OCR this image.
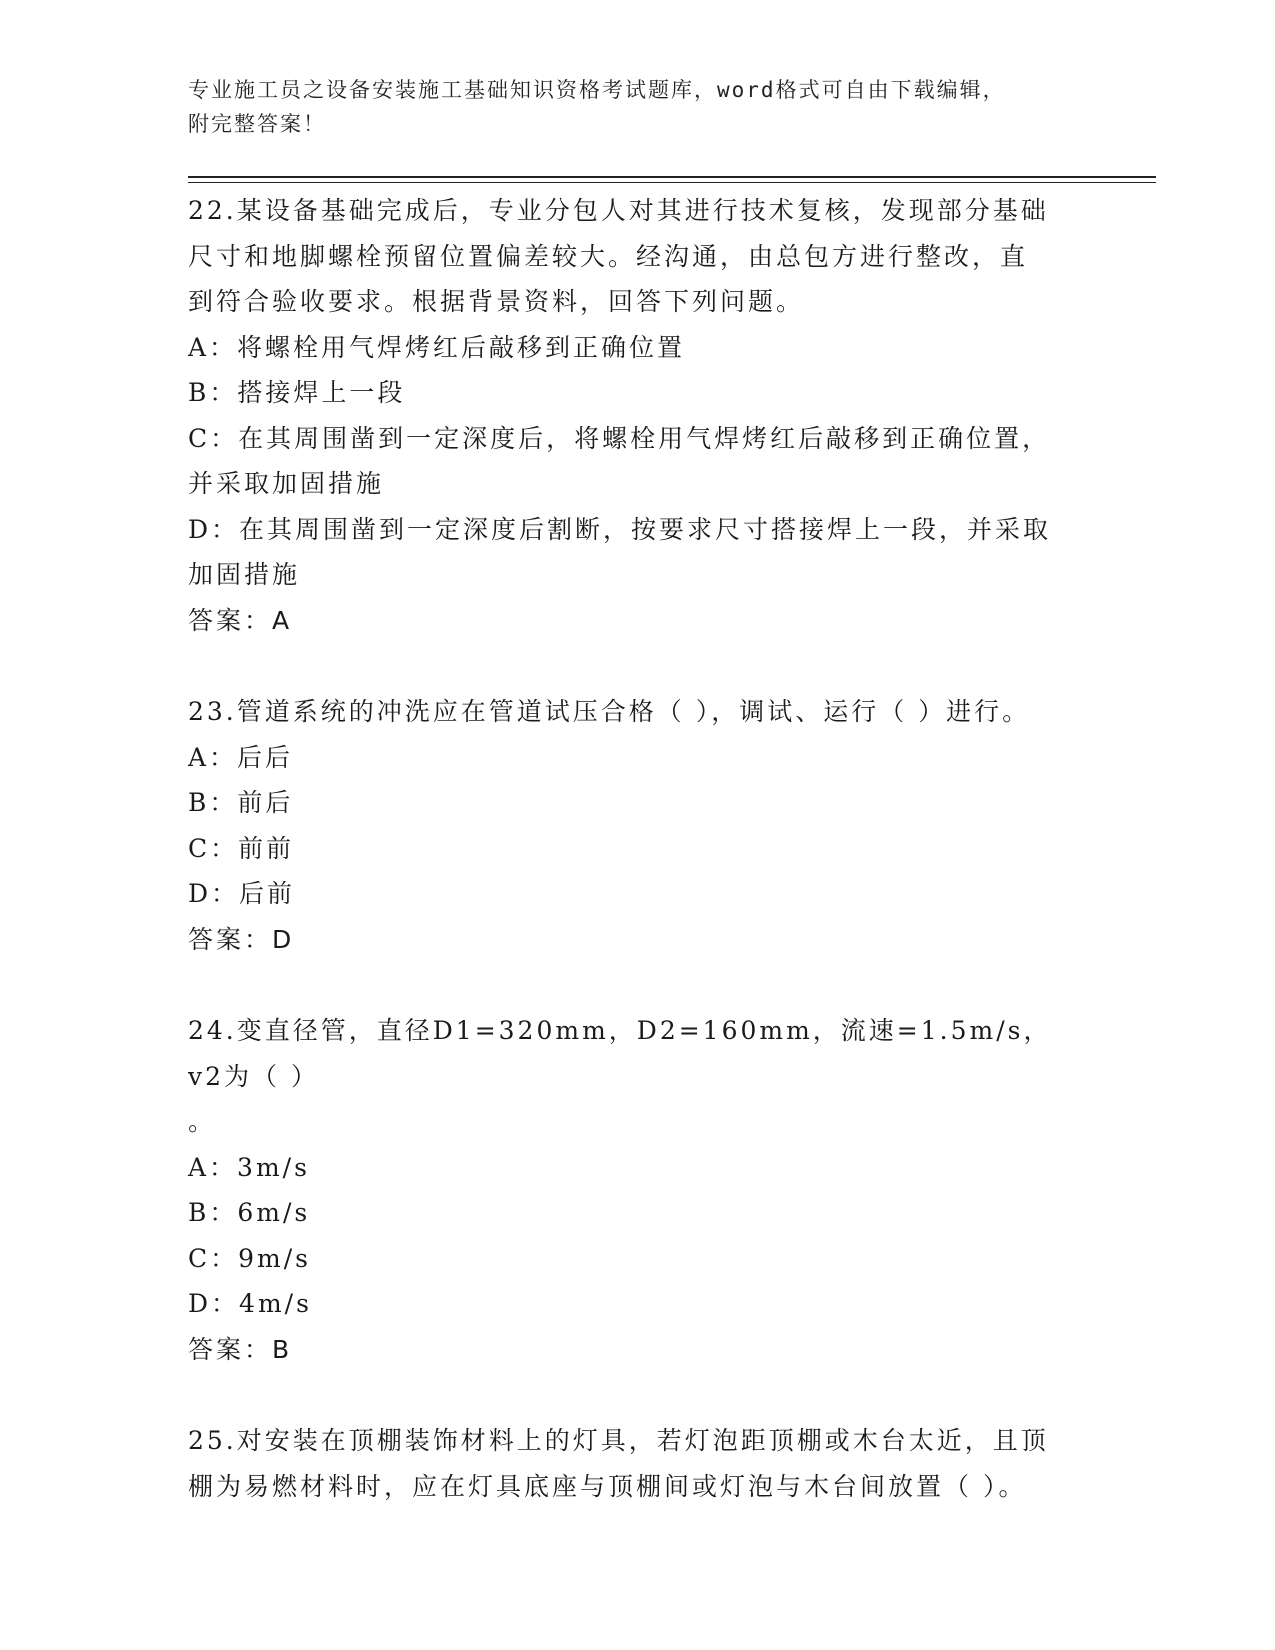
专业施工员之设备安装施工基础知识资格考试题库，word格式可自由下载编辑，
附完整答案！
22.某设备基础完成后，专业分包人对其进行技术复核，发现部分基础
尺寸和地脚螺栓预留位置偏差较大。经沟通，由总包方进行整改，直
到符合验收要求。根据背景资料，回答下列问题。
A：将螺栓用气焊烤红后敲移到正确位置
B：搭接焊上一段
C：在其周围凿到一定深度后，将螺栓用气焊烤红后敲移到正确位置，
并采取加固措施
D：在其周围凿到一定深度后割断，按要求尺寸搭接焊上一段，并采取
加固措施
答案：A
23.管道系统的冲洗应在管道试压合格（ ），调试、运行（ ）进行。
A：后后
B：前后
C：前前
D：后前
答案：D
24.变直径管，直径D1=320mm，D2=160mm，流速=1.5m/s，v2为（ ）
。
A：3m/s
B：6m/s
C：9m/s
D：4m/s
答案：B
25.对安装在顶棚装饰材料上的灯具，若灯泡距顶棚或木台太近，且顶
棚为易燃材料时，应在灯具底座与顶棚间或灯泡与木台间放置（ ）。
